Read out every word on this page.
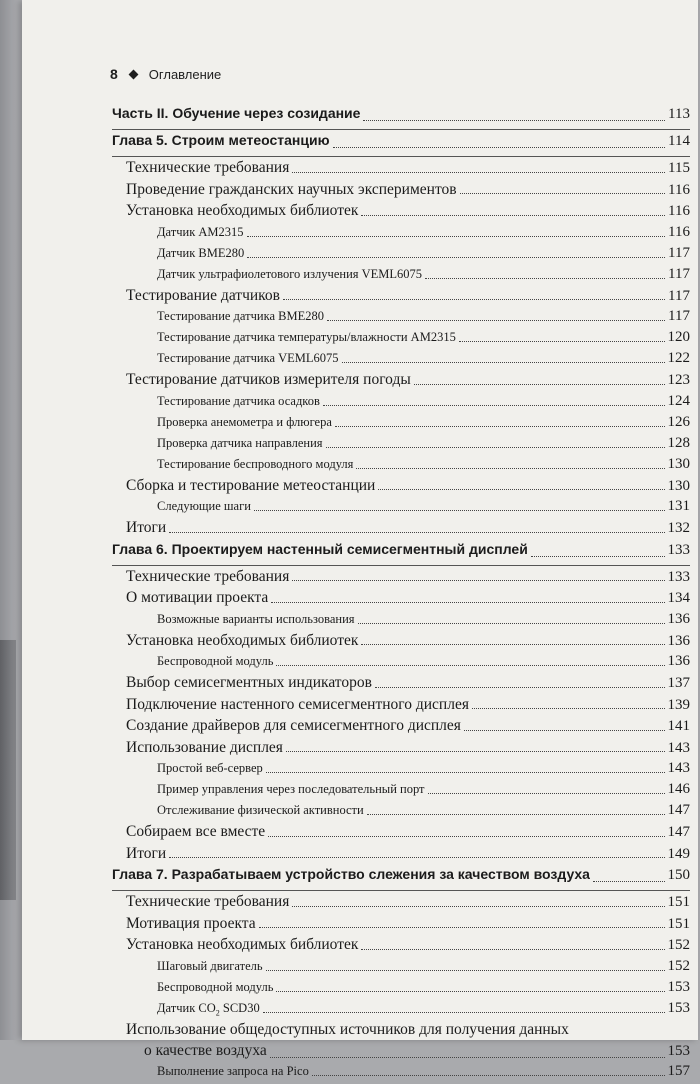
8 Оглавление
Часть II. Обучение через созидание	113
Глава 5. Строим метеостанцию	114
Технические требования	115
Проведение гражданских научных экспериментов	116
Установка необходимых библиотек	116
Датчик AM2315	116
Датчик BME280	117
Датчик ультрафиолетового излучения VEML6075	117
Тестирование датчиков	117
Тестирование датчика BME280	117
Тестирование датчика температуры/влажности AM2315	120
Тестирование датчика VEML6075	122
Тестирование датчиков измерителя погоды	123
Тестирование датчика осадков	124
Проверка анемометра и флюгера	126
Проверка датчика направления	128
Тестирование беспроводного модуля	130
Сборка и тестирование метеостанции	130
Следующие шаги	131
Итоги	132
Глава 6. Проектируем настенный семисегментный дисплей	133
Технические требования	133
О мотивации проекта	134
Возможные варианты использования	136
Установка необходимых библиотек	136
Беспроводной модуль	136
Выбор семисегментных индикаторов	137
Подключение настенного семисегментного дисплея	139
Создание драйверов для семисегментного дисплея	141
Использование дисплея	143
Простой веб-сервер	143
Пример управления через последовательный порт	146
Отслеживание физической активности	147
Собираем все вместе	147
Итоги	149
Глава 7. Разрабатываем устройство слежения за качеством воздуха	150
Технические требования	151
Мотивация проекта	151
Установка необходимых библиотек	152
Шаговый двигатель	152
Беспроводной модуль	153
Датчик $CO_2$ SCD30	153
Использование общедоступных источников для получения данных
о качестве воздуха	153
Выполнение запроса на Pico	157
